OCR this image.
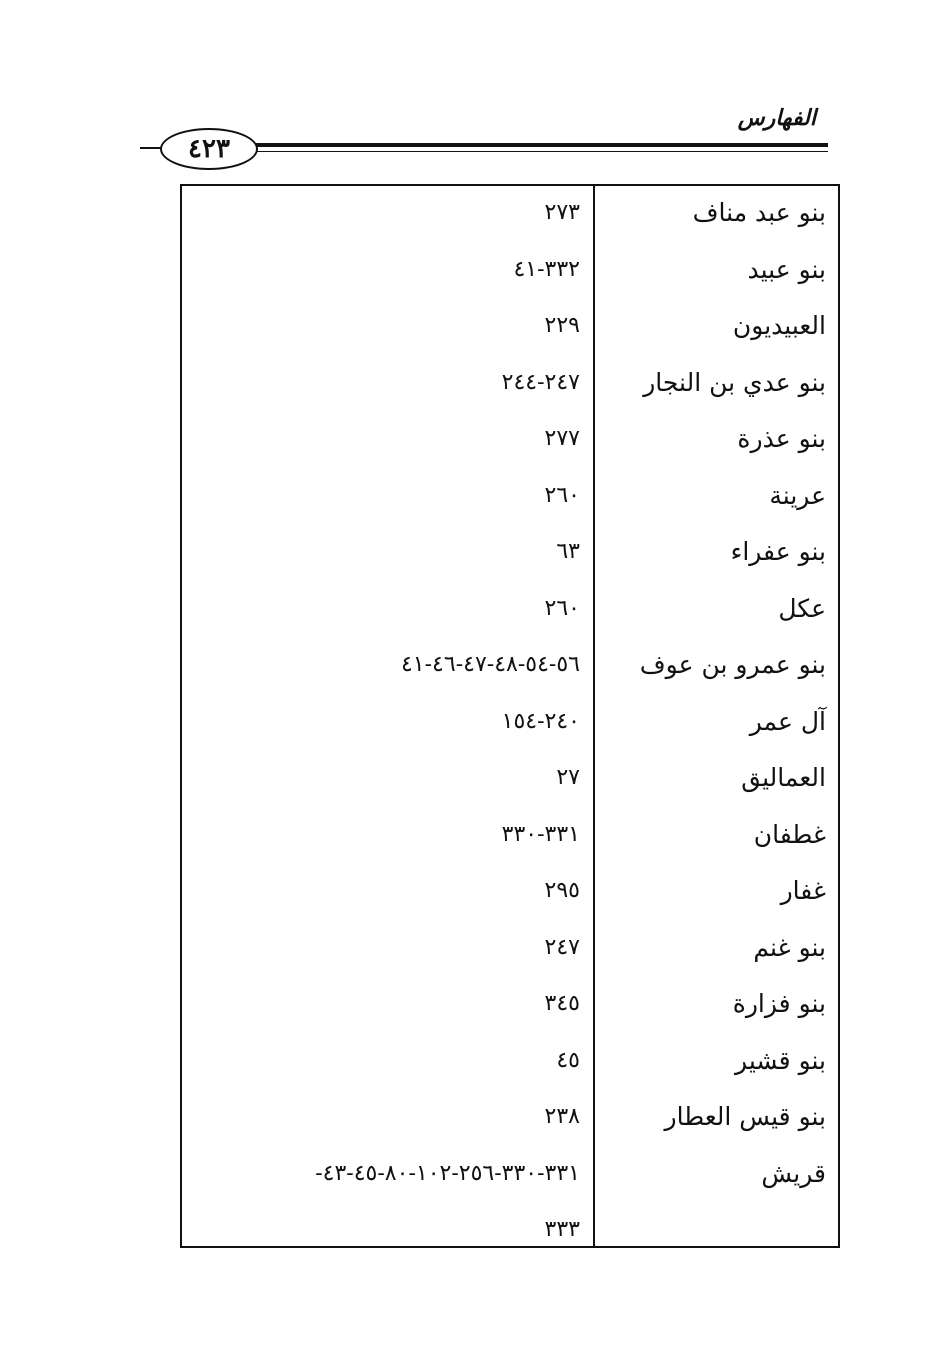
الفهارس
٤٢٣
بنو عبد مناف
٢٧٣
بنو عبيد
٣٣٢-٤١
العبيديون
٢٢٩
بنو عدي بن النجار
٢٤٧-٢٤٤
بنو عذرة
٢٧٧
عرينة
٢٦٠
بنو عفراء
٦٣
عكل
٢٦٠
بنو عمرو بن عوف
٥٦-٥٤-٤٨-٤٧-٤٦-٤١
آل عمر
٢٤٠-١٥٤
العماليق
٢٧
غطفان
٣٣١-٣٣٠
غفار
٢٩٥
بنو غنم
٢٤٧
بنو فزارة
٣٤٥
بنو قشير
٤٥
بنو قيس العطار
٢٣٨
قريش
٣٣١-٣٣٠-٢٥٦-١٠٢-٨٠-٤٥-٤٣-
٣٣٣
